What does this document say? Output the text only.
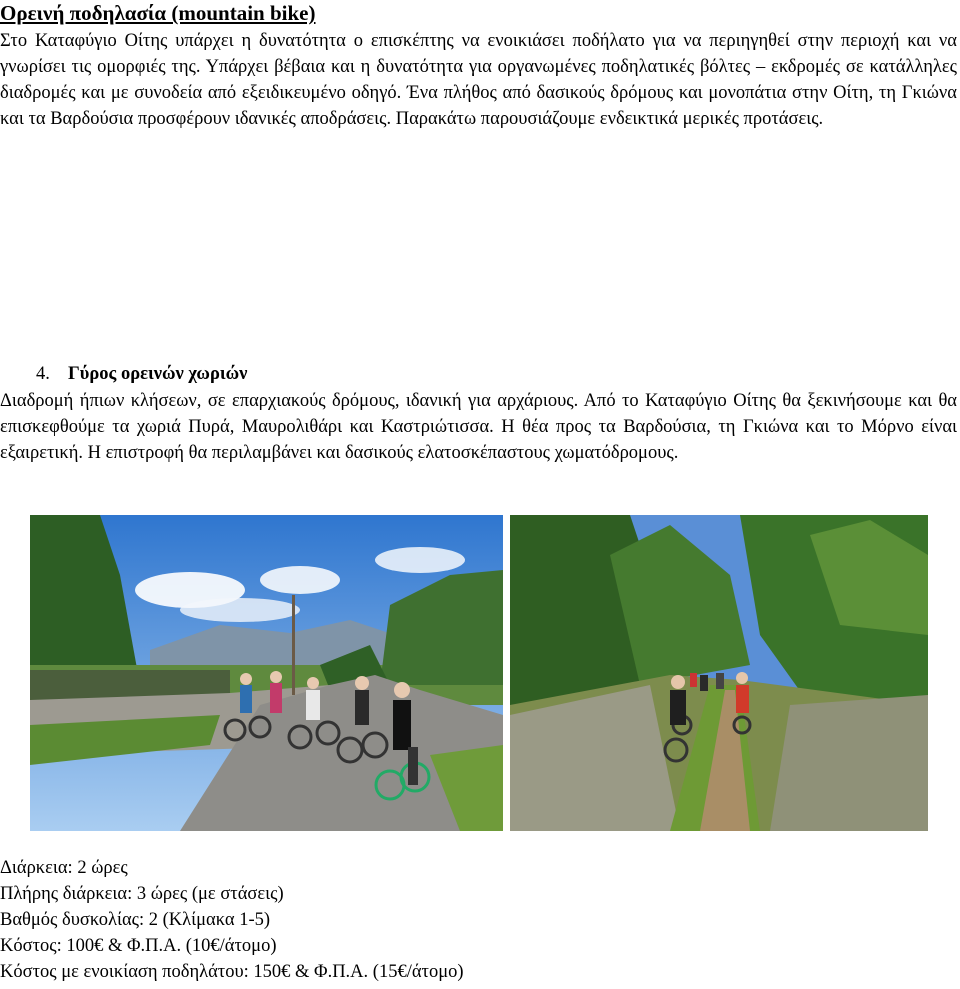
Ορεινή ποδηλασία (mountain bike)

Στο Καταφύγιο Οίτης υπάρχει η δυνατότητα ο επισκέπτης να ενοικιάσει ποδήλατο για να περιηγηθεί στην περιοχή και να γνωρίσει τις ομορφιές της. Υπάρχει βέβαια και η δυνατότητα για οργανωμένες ποδηλατικές βόλτες – εκδρομές σε κατάλληλες διαδρομές και με συνοδεία από εξειδικευμένο οδηγό. Ένα πλήθος από δασικούς δρόμους και μονοπάτια στην Οίτη, τη Γκιώνα και τα Βαρδούσια προσφέρουν ιδανικές αποδράσεις. Παρακάτω παρουσιάζουμε ενδεικτικά μερικές προτάσεις.

4. Γύρος ορεινών χωριών

Διαδρομή ήπιων κλήσεων, σε επαρχιακούς δρόμους, ιδανική για αρχάριους. Από το Καταφύγιο Οίτης θα ξεκινήσουμε και θα επισκεφθούμε τα χωριά Πυρά, Μαυρολιθάρι και Καστριώτισσα. Η θέα προς τα Βαρδούσια, τη Γκιώνα και το Μόρνο είναι εξαιρετική. Η επιστροφή θα περιλαμβάνει και δασικούς ελατοσκέπαστους χωματόδρομους.

Διάρκεια: 2 ώρες
Πλήρης διάρκεια: 3 ώρες (με στάσεις)
Βαθμός δυσκολίας: 2 (Κλίμακα 1-5)
Κόστος: 100€ & Φ.Π.Α. (10€/άτομο)
Κόστος με ενοικίαση ποδηλάτου: 150€ & Φ.Π.Α. (15€/άτομο)
